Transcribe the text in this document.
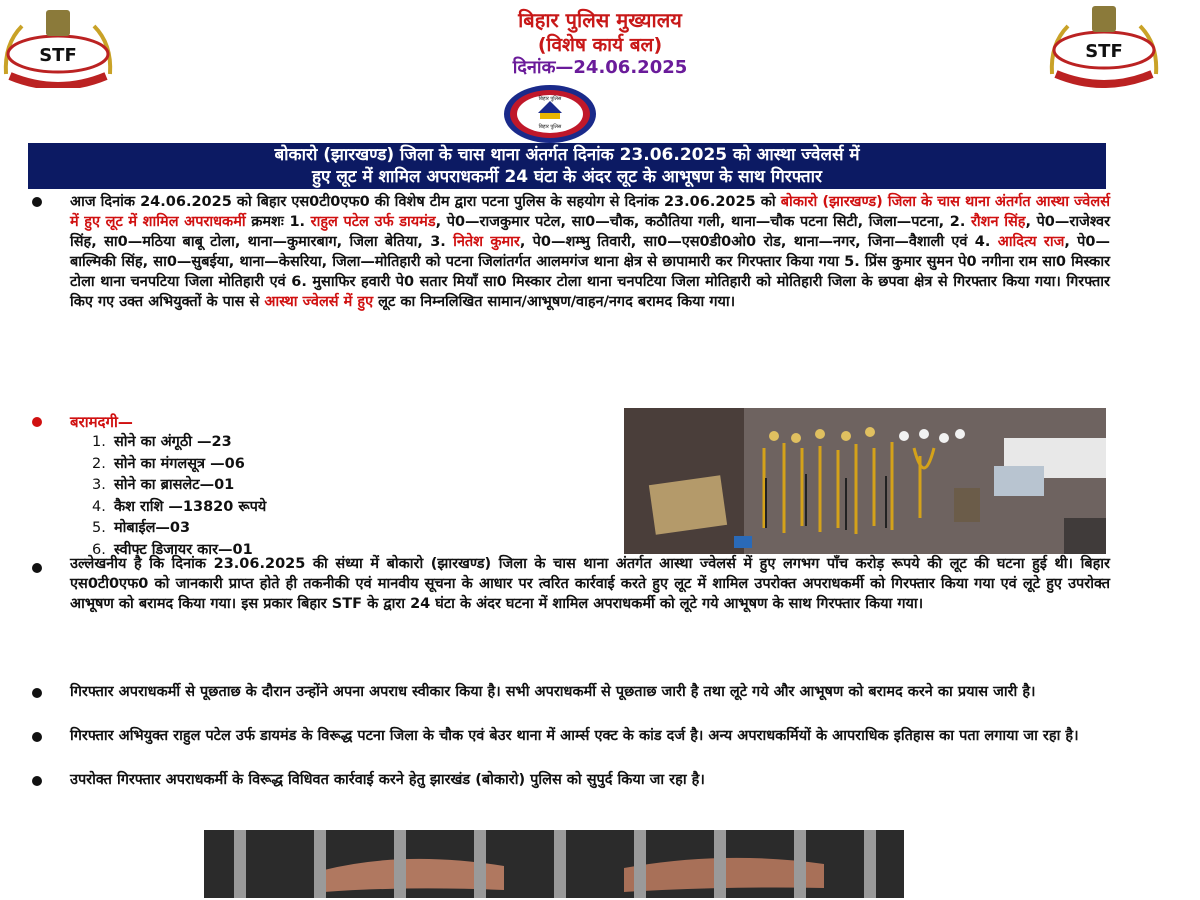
STF	STF
बिहार पुलिस मुख्यालय
(विशेष कार्य बल)
दिनांक—24.06.2025
बिहार पुलिस
बिहार पुलिस
बोकारो (झारखण्ड) जिला के चास थाना अंतर्गत दिनांक 23.06.2025 को आस्था ज्वेलर्स में
हुए लूट में शामिल अपराधकर्मी 24 घंटा के अंदर लूट के आभूषण के साथ गिरफ्तार
आज दिनांक 24.06.2025 को बिहार एस0टी0एफ0 की विशेष टीम द्वारा पटना पुलिस के सहयोग से दिनांक 23.06.2025 को बोकारो (झारखण्ड) जिला के चास थाना अंतर्गत आस्था ज्वेलर्स में हुए लूट में शामिल अपराधकर्मी क्रमशः 1. राहुल पटेल उर्फ डायमंड, पे0—राजकुमार पटेल, सा0—चौक, कठौतिया गली, थाना—चौक पटना सिटी, जिला—पटना, 2. रौशन सिंह, पे0—राजेश्वर सिंह, सा0—मठिया बाबू टोला, थाना—कुमारबाग, जिला बेतिया, 3. नितेश कुमार, पे0—शम्भु तिवारी, सा0—एस0डी0ओ0 रोड, थाना—नगर, जिना—वैशाली एवं 4. आदित्य राज, पे0—बाल्मिकी सिंह, सा0—सुबईया, थाना—केसरिया, जिला—मोतिहारी को पटना जिलांतर्गत आलमगंज थाना क्षेत्र से छापामारी कर गिरफ्तार किया गया 5. प्रिंस कुमार सुमन पे0 नगीना राम सा0 मिस्कार टोला थाना चनपटिया जिला मोतिहारी एवं 6. मुसाफिर हवारी पे0 सतार मियाँ सा0 मिस्कार टोला थाना चनपटिया जिला मोतिहारी को मोतिहारी जिला के छपवा क्षेत्र से गिरफ्तार किया गया। गिरफ्तार किए गए उक्त अभियुक्तों के पास से आस्था ज्वेलर्स में हुए लूट का निम्नलिखित सामान/आभूषण/वाहन/नगद बरामद किया गया।
बरामदगी—
1. सोने का अंगूठी —23
2. सोने का मंगलसूत्र —06
3. सोने का ब्रासलेट—01
4. कैश राशि —13820 रूपये
5. मोबाईल—03
6. स्वीफ्ट डिजायर कार—01
उल्लेखनीय है कि दिनांक 23.06.2025 की संध्या में बोकारो (झारखण्ड) जिला के चास थाना अंतर्गत आस्था ज्वेलर्स में हुए लगभग पाँच करोड़ रूपये की लूट की घटना हुई थी। बिहार एस0टी0एफ0 को जानकारी प्राप्त होते ही तकनीकी एवं मानवीय सूचना के आधार पर त्वरित कार्रवाई करते हुए लूट में शामिल उपरोक्त अपराधकर्मी को गिरफ्तार किया गया एवं लूटे हुए उपरोक्त आभूषण को बरामद किया गया। इस प्रकार बिहार STF के द्वारा 24 घंटा के अंदर घटना में शामिल अपराधकर्मी को लूटे गये आभूषण के साथ गिरफ्तार किया गया।
गिरफ्तार अपराधकर्मी से पूछताछ के दौरान उन्होंने अपना अपराध स्वीकार किया है। सभी अपराधकर्मी से पूछताछ जारी है तथा लूटे गये और आभूषण को बरामद करने का प्रयास जारी है।
गिरफ्तार अभियुक्त राहुल पटेल उर्फ डायमंड के विरूद्ध पटना जिला के चौक एवं बेउर थाना में आर्म्स एक्ट के कांड दर्ज है। अन्य अपराधकर्मियों के आपराधिक इतिहास का पता लगाया जा रहा है।
उपरोक्त गिरफ्तार अपराधकर्मी के विरूद्ध विधिवत कार्रवाई करने हेतु झारखंड (बोकारो) पुलिस को सुपुर्द किया जा रहा है।
